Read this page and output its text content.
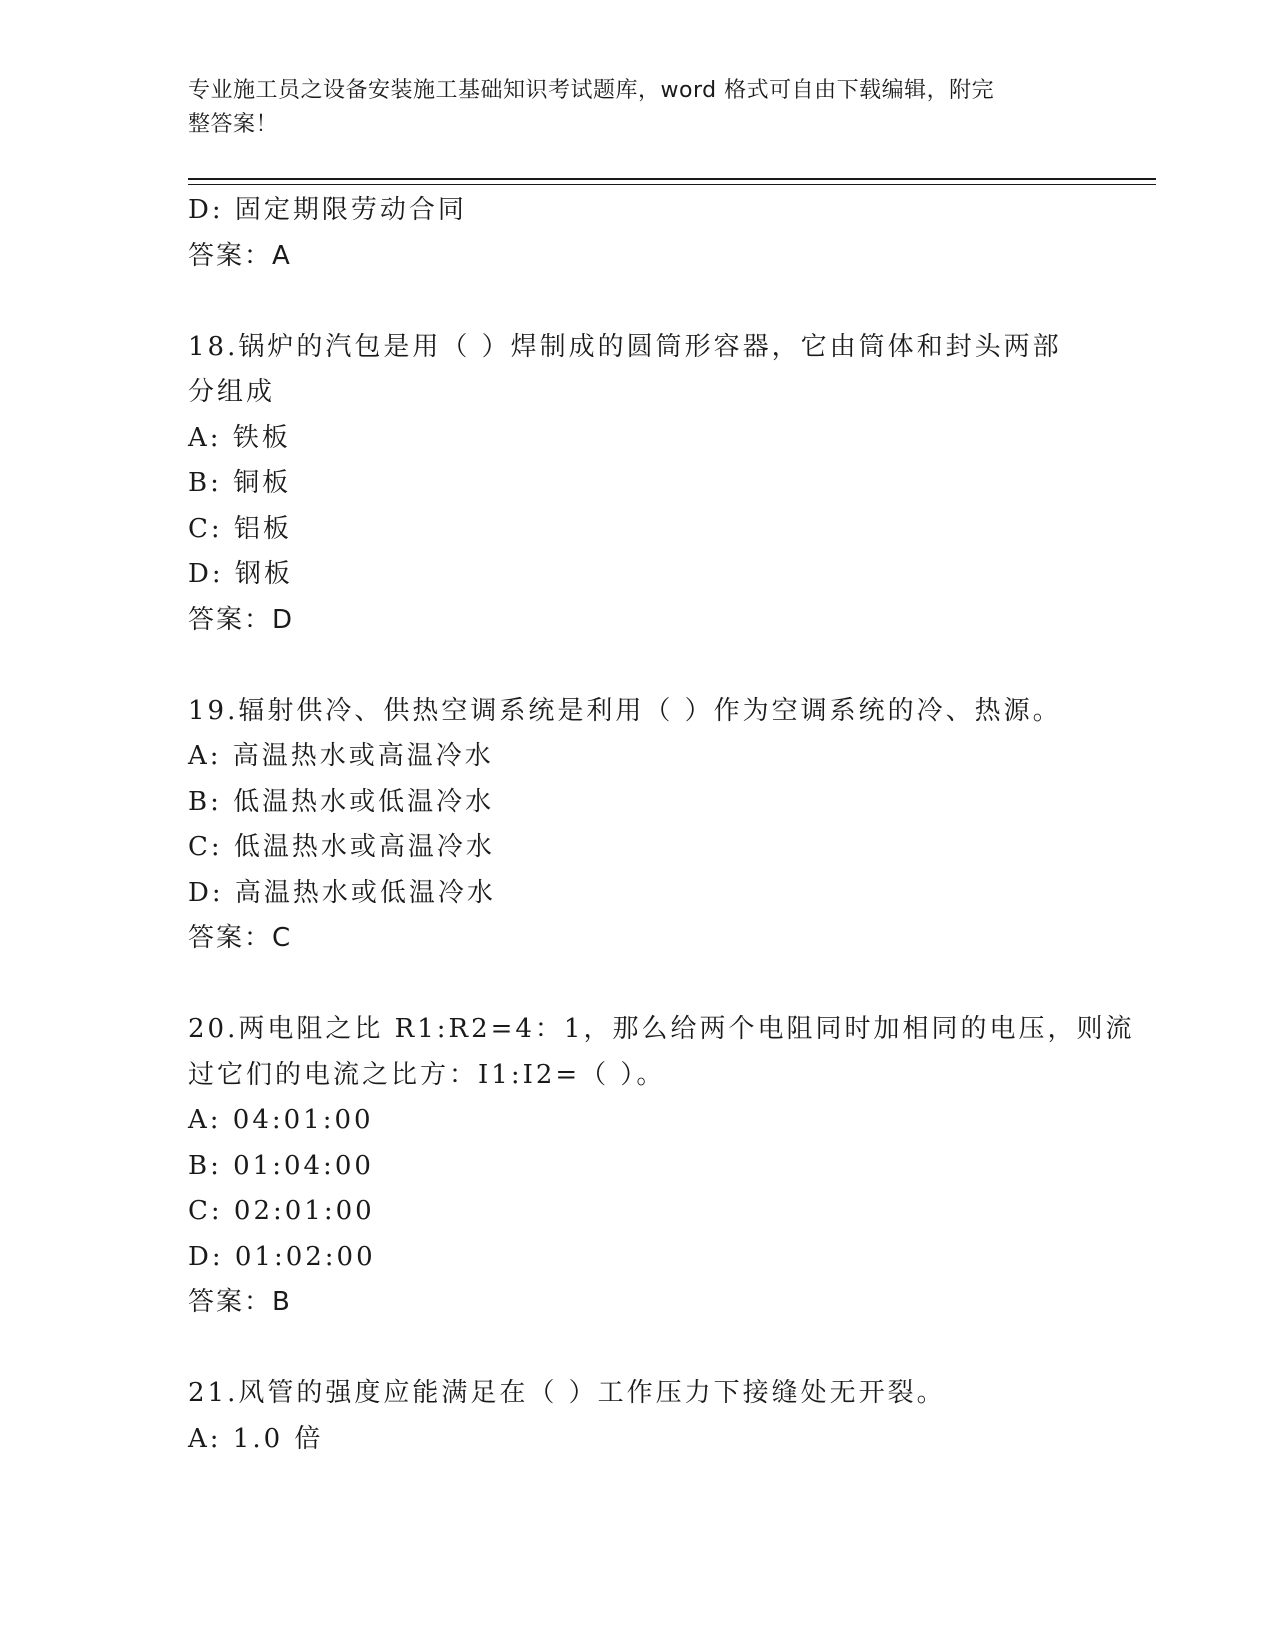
专业施工员之设备安装施工基础知识考试题库，word 格式可自由下载编辑，附完
整答案！
D: 固定期限劳动合同
答案：A
18.锅炉的汽包是用（ ）焊制成的圆筒形容器，它由筒体和封头两部
分组成
A: 铁板
B: 铜板
C: 铝板
D: 钢板
答案：D
19.辐射供冷、供热空调系统是利用（ ）作为空调系统的冷、热源。
A: 高温热水或高温冷水
B: 低温热水或低温冷水
C: 低温热水或高温冷水
D: 高温热水或低温冷水
答案：C
20.两电阻之比 R1:R2=4：1，那么给两个电阻同时加相同的电压，则流
过它们的电流之比方：I1:I2=（ ）。
A: 04:01:00
B: 01:04:00
C: 02:01:00
D: 01:02:00
答案：B
21.风管的强度应能满足在（ ）工作压力下接缝处无开裂。
A: 1.0 倍
